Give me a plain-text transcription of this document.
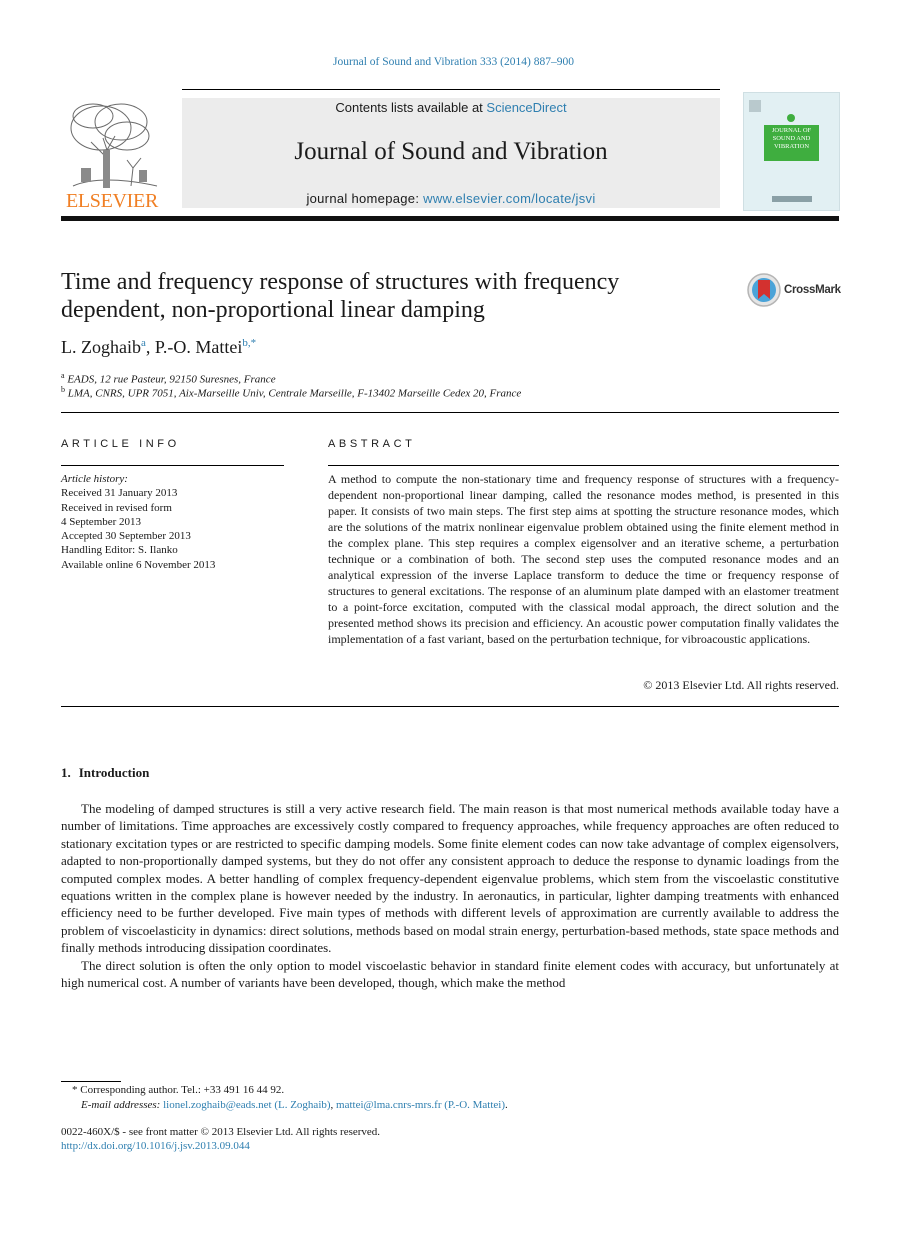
Journal of Sound and Vibration 333 (2014) 887–900
ELSEVIER
Contents lists available at ScienceDirect
Journal of Sound and Vibration
journal homepage: www.elsevier.com/locate/jsvi
JOURNAL OF SOUND AND VIBRATION
Time and frequency response of structures with frequency dependent, non-proportional linear damping
CrossMark
L. Zoghaib$^a$, P.-O. Mattei$^{b,*}$
$^a$ EADS, 12 rue Pasteur, 92150 Suresnes, France
$^b$ LMA, CNRS, UPR 7051, Aix-Marseille Univ, Centrale Marseille, F-13402 Marseille Cedex 20, France
ARTICLE INFO	ABSTRACT
Article history:
Received 31 January 2013
Received in revised form
4 September 2013
Accepted 30 September 2013
Handling Editor: S. Ilanko
Available online 6 November 2013
A method to compute the non-stationary time and frequency response of structures with a frequency-dependent non-proportional linear damping, called the resonance modes method, is presented in this paper. It consists of two main steps. The first step aims at spotting the structure resonance modes, which are the solutions of the matrix nonlinear eigenvalue problem obtained using the finite element method in the complex plane. This step requires a complex eigensolver and an iterative scheme, a perturbation technique or a combination of both. The second step uses the computed resonance modes and an analytical expression of the inverse Laplace transform to deduce the time or frequency response of structures to general excitations. The response of an aluminum plate damped with an elastomer treatment to a point-force excitation, computed with the classical modal approach, the direct solution and the presented method shows its precision and efficiency. An acoustic power computation finally validates the implementation of a fast variant, based on the perturbation technique, for vibroacoustic applications.
© 2013 Elsevier Ltd. All rights reserved.
1. Introduction

The modeling of damped structures is still a very active research field. The main reason is that most numerical methods available today have a number of limitations. Time approaches are excessively costly compared to frequency approaches, while frequency approaches are often reduced to stationary excitation types or are restricted to specific damping models. Some finite element codes can now take advantage of complex eigensolvers, adapted to non-proportionally damped systems, but they do not offer any consistent approach to deduce the response to dynamic loadings from the computed complex modes. A better handling of complex frequency-dependent eigenvalue problems, which stem from the viscoelastic constitutive equations written in the complex plane is however needed by the industry. In aeronautics, in particular, lighter damping treatments with enhanced efficiency need to be further developed. Five main types of methods with different levels of approximation are currently available to address the problem of viscoelasticity in dynamics: direct solutions, methods based on modal strain energy, perturbation-based methods, state space methods and finally methods introducing dissipation coordinates.

The direct solution is often the only option to model viscoelastic behavior in standard finite element codes with accuracy, but unfortunately at high numerical cost. A number of variants have been developed, though, which make the method

* Corresponding author. Tel.: +33 491 16 44 92.
E-mail addresses: lionel.zoghaib@eads.net (L. Zoghaib), mattei@lma.cnrs-mrs.fr (P.-O. Mattei).
0022-460X/$ - see front matter © 2013 Elsevier Ltd. All rights reserved.
http://dx.doi.org/10.1016/j.jsv.2013.09.044
